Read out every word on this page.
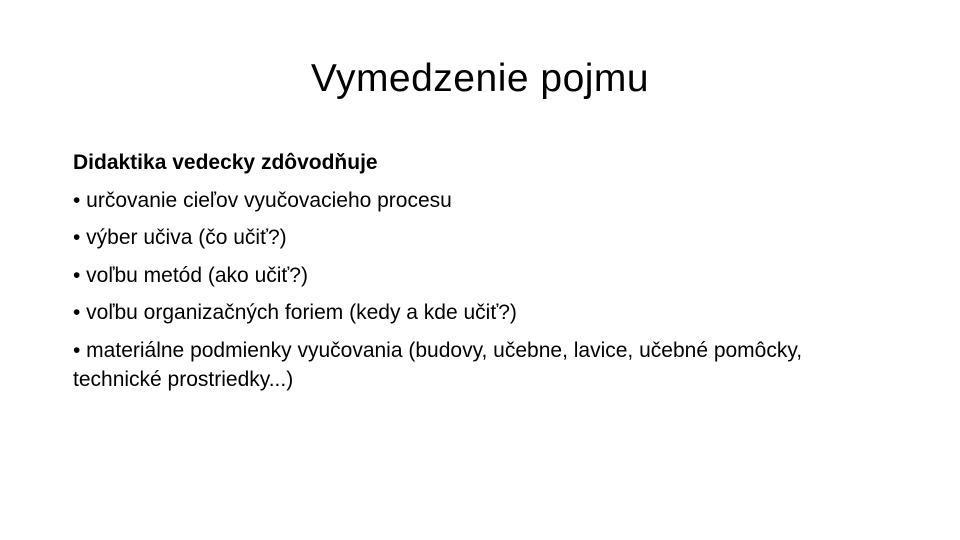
Vymedzenie pojmu
Didaktika vedecky zdôvodňuje
• určovanie cieľov vyučovacieho procesu
• výber učiva (čo učiť?)
• voľbu metód (ako učiť?)
• voľbu organizačných foriem (kedy a kde učiť?)
• materiálne podmienky vyučovania (budovy, učebne, lavice, učebné pomôcky, technické prostriedky...)
